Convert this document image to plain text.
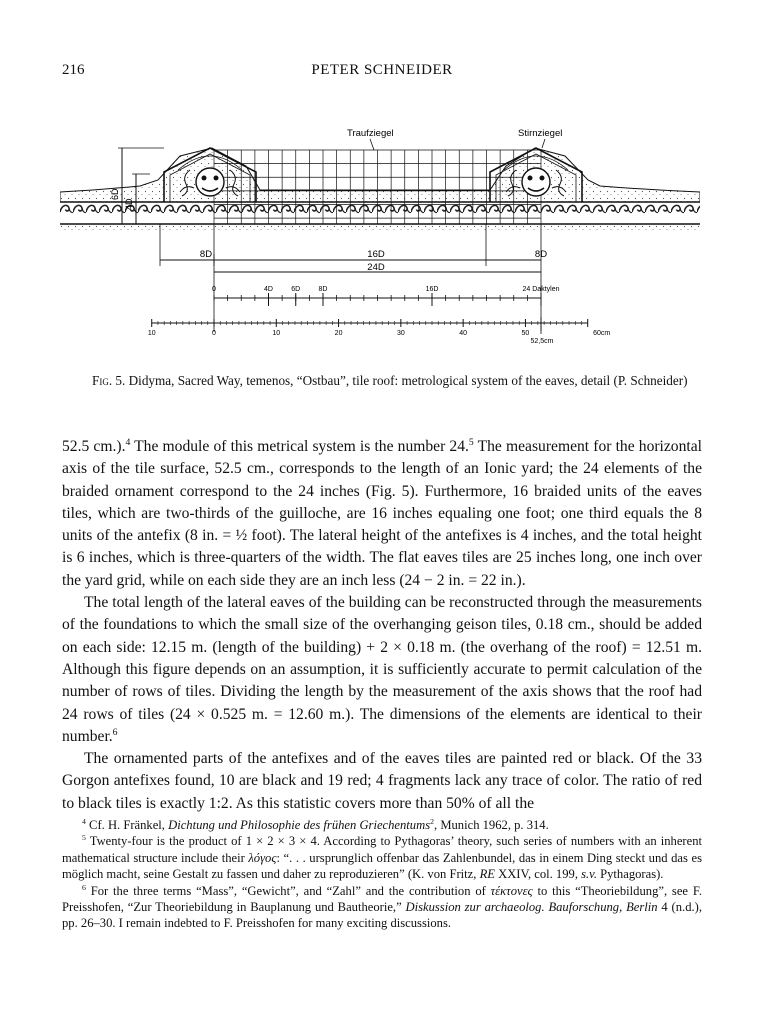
216	PETER SCHNEIDER
Traufziegel	Stirnziegel
6D
4D
8D	16D	8D
24D
0	4D	6D	8D	16D	24 Daktylen
10	0	10	20	30	40	50	60cm
52,5cm
Fig. 5. Didyma, Sacred Way, temenos, “Ostbau”, tile roof: metrological system of the eaves, detail (P. Schneider)

52.5 cm.).$^4$ The module of this metrical system is the number 24.$^5$ The measurement for the horizontal axis of the tile surface, 52.5 cm., corresponds to the length of an Ionic yard; the 24 elements of the braided ornament correspond to the 24 inches (Fig. 5). Furthermore, 16 braided units of the eaves tiles, which are two-thirds of the guilloche, are 16 inches equaling one foot; one third equals the 8 units of the antefix (8 in. = ½ foot). The lateral height of the antefixes is 4 inches, and the total height is 6 inches, which is three-quarters of the width. The flat eaves tiles are 25 inches long, one inch over the yard grid, while on each side they are an inch less (24 − 2 in. = 22 in.).

The total length of the lateral eaves of the building can be reconstructed through the measurements of the foundations to which the small size of the overhanging geison tiles, 0.18 cm., should be added on each side: 12.15 m. (length of the building) + 2 × 0.18 m. (the overhang of the roof) = 12.51 m. Although this figure depends on an assumption, it is sufficiently accurate to permit calculation of the number of rows of tiles. Dividing the length by the measurement of the axis shows that the roof had 24 rows of tiles (24 × 0.525 m. = 12.60 m.). The dimensions of the elements are identical to their number.$^6$

The ornamented parts of the antefixes and of the eaves tiles are painted red or black. Of the 33 Gorgon antefixes found, 10 are black and 19 red; 4 fragments lack any trace of color. The ratio of red to black tiles is exactly 1:2. As this statistic covers more than 50% of all the

$^4$ Cf. H. Fränkel, Dichtung und Philosophie des frühen Griechentums$^2$, Munich 1962, p. 314.

$^5$ Twenty-four is the product of 1 × 2 × 3 × 4. According to Pythagoras’ theory, such series of numbers with an inherent mathematical structure include their λόγος: “. . . ursprunglich offenbar das Zahlenbundel, das in einem Ding steckt und das es möglich macht, seine Gestalt zu fassen und daher zu reproduzieren” (K. von Fritz, RE XXIV, col. 199, s.v. Pythagoras).

$^6$ For the three terms “Mass”, “Gewicht”, and “Zahl” and the contribution of τέκτονες to this “Theoriebildung”, see F. Preisshofen, “Zur Theoriebildung in Bauplanung und Bautheorie,” Diskussion zur archaeolog. Bauforschung, Berlin 4 (n.d.), pp. 26–30. I remain indebted to F. Preisshofen for many exciting discussions.
